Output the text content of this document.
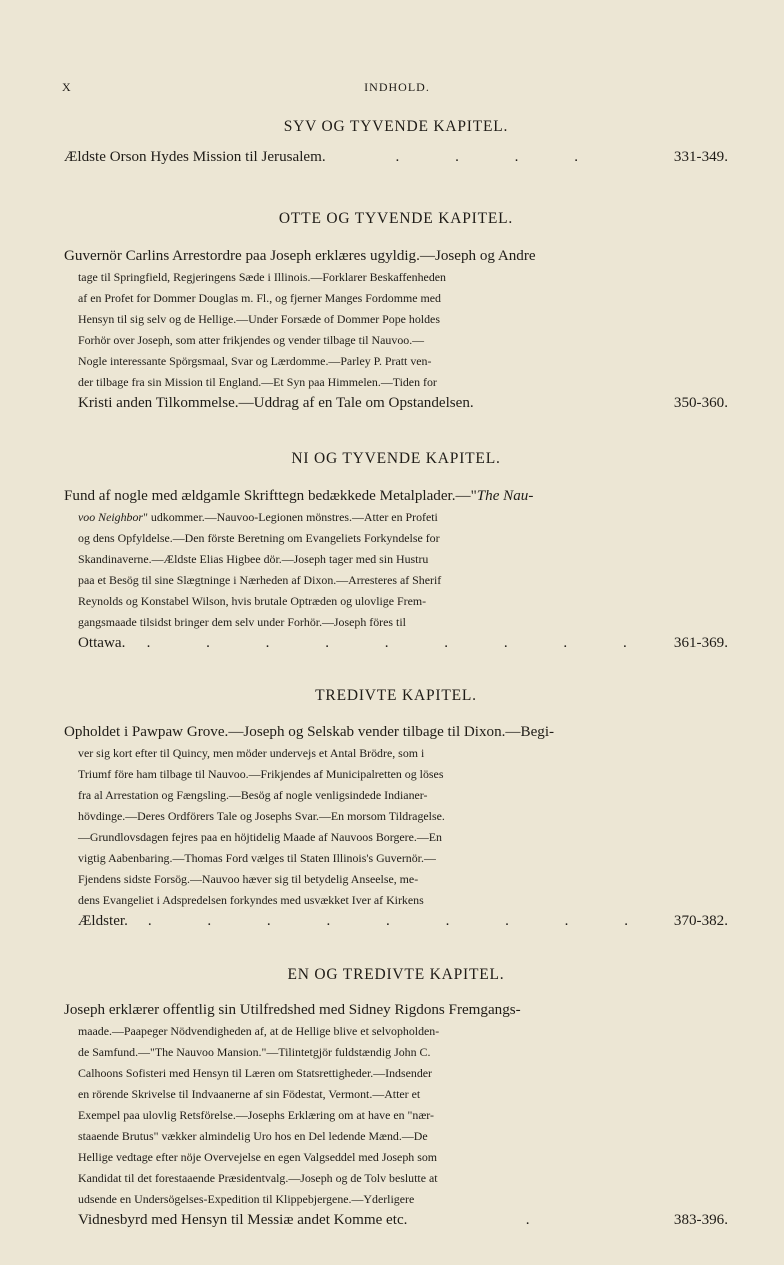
X	INDHOLD.
SYV OG TYVENDE KAPITEL.
Ældste Orson Hydes Mission til Jerusalem.	. . . .	331-349.
OTTE OG TYVENDE KAPITEL.
Guvernör Carlins Arrestordre paa Joseph erklæres ugyldig.—Joseph og Andre
tage til Springfield, Regjeringens Sæde i Illinois.—Forklarer Beskaffenheden
af en Profet for Dommer Douglas m. Fl., og fjerner Manges Fordomme med
Hensyn til sig selv og de Hellige.—Under Forsæde of Dommer Pope holdes
Forhör over Joseph, som atter frikjendes og vender tilbage til Nauvoo.—
Nogle interessante Spörgsmaal, Svar og Lærdomme.—Parley P. Pratt ven-
der tilbage fra sin Mission til England.—Et Syn paa Himmelen.—Tiden for
Kristi anden Tilkommelse.—Uddrag af en Tale om Opstandelsen.	350-360.
NI OG TYVENDE KAPITEL.
Fund af nogle med ældgamle Skrifttegn bedækkede Metalplader.—"The Nau-
voo Neighbor" udkommer.—Nauvoo-Legionen mönstres.—Atter en Profeti
og dens Opfyldelse.—Den förste Beretning om Evangeliets Forkyndelse for
Skandinaverne.—Ældste Elias Higbee dör.—Joseph tager med sin Hustru
paa et Besög til sine Slægtninge i Nærheden af Dixon.—Arresteres af Sherif
Reynolds og Konstabel Wilson, hvis brutale Optræden og ulovlige Frem-
gangsmaade tilsidst bringer dem selv under Forhör.—Joseph föres til
Ottawa.	. . . . . . . . .	361-369.
TREDIVTE KAPITEL.
Opholdet i Pawpaw Grove.—Joseph og Selskab vender tilbage til Dixon.—Begi-
ver sig kort efter til Quincy, men möder undervejs et Antal Brödre, som i
Triumf före ham tilbage til Nauvoo.—Frikjendes af Municipalretten og löses
fra al Arrestation og Fængsling.—Besög af nogle venligsindede Indianer-
hövdinge.—Deres Ordförers Tale og Josephs Svar.—En morsom Tildragelse.
—Grundlovsdagen fejres paa en höjtidelig Maade af Nauvoos Borgere.—En
vigtig Aabenbaring.—Thomas Ford vælges til Staten Illinois's Guvernör.—
Fjendens sidste Forsög.—Nauvoo hæver sig til betydelig Anseelse, me-
dens Evangeliet i Adspredelsen forkyndes med usvækket Iver af Kirkens
Ældster.	. . . . . . . . .	370-382.
EN OG TREDIVTE KAPITEL.
Joseph erklærer offentlig sin Utilfredshed med Sidney Rigdons Fremgangs-
maade.—Paapeger Nödvendigheden af, at de Hellige blive et selvopholden-
de Samfund.—"The Nauvoo Mansion."—Tilintetgjör fuldstændig John C.
Calhoons Sofisteri med Hensyn til Læren om Statsrettigheder.—Indsender
en rörende Skrivelse til Indvaanerne af sin Födestat, Vermont.—Atter et
Exempel paa ulovlig Retsförelse.—Josephs Erklæring om at have en "nær-
staaende Brutus" vækker almindelig Uro hos en Del ledende Mænd.—De
Hellige vedtage efter nöje Overvejelse en egen Valgseddel med Joseph som
Kandidat til det forestaaende Præsidentvalg.—Joseph og de Tolv beslutte at
udsende en Undersögelses-Expedition til Klippebjergene.—Yderligere
Vidnesbyrd med Hensyn til Messiæ andet Komme etc.	.	383-396.
